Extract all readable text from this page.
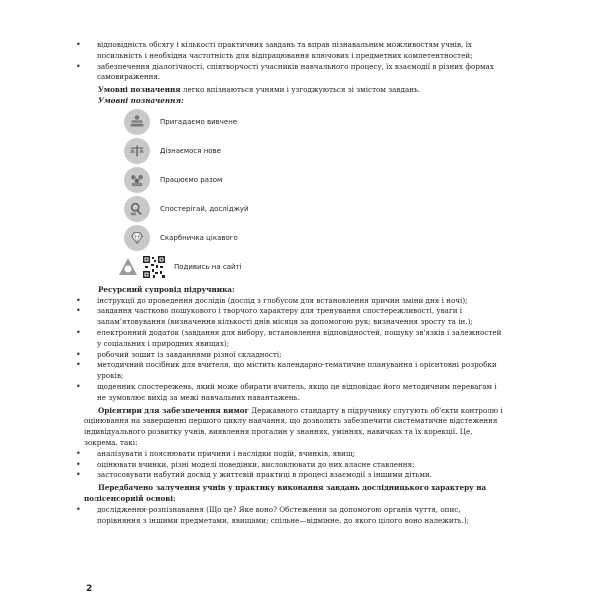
• відповідність обсягу і кількості практичних завдань та вправ пізнавальним можливостям учнів, їх посильність і необхідна частотність для відпрацювання ключових і предметних компетентностей;
• забезпечення діалогічності, співтворчості учасників навчального процесу, їх взаємодії в різних формах самовираження.
Умовні позначення легко впізнаються учнями і узгоджуються зі змістом завдань.
Умовні позначення:
Пригадаємо вивчене
Дізнаємося нове
Працюємо разом
Спостерігай, досліджуй
Скарбничка цікавого
Подивись на сайті
Ресурсний супровід підручника:
• інструкції до проведення дослідів (дослід з глобусом для встановлення причин зміни дня і ночі);
• завдання частково пошукового і творчого характеру для тренування спостережливості, уваги і запам'ятовування (визначення кількості днів місяця за допомогою рук; визначення зросту та ін.);
• електронний додаток (завдання для вибору, встановлення відповідностей, пошуку зв'язків і залежностей у соціальних і природних явищах);
• робочий зошит із завданнями різної складності;
• методичний посібник для вчителя, що містить календарно-тематичне планування і орієнтовні розробки уроків;
• щоденник спостережень, який може обирати вчитель, якщо це відповідає його методичним перевагам і не зумовлює вихід за межі навчальних навантажень.
Орієнтири для забезпечення вимог Державного стандарту в підручнику слугують об'єкти контролю і оцінювання на завершенні першого циклу навчання, що дозволить забезпечити систематичне відстеження індивідуального розвитку учнів, виявлення прогалин у знаннях, уміннях, навичках та їх корекції. Це, зокрема, такі:
• аналізувати і пояснювати причини і наслідки подій, вчинків, явищ;
• оцінювати вчинки, різні моделі поведінки, висловлювати до них власне ставлення;
• застосовувати набутий досвід у життєвій практиці в процесі взаємодії з іншими дітьми.
Передбачено залучення учнів у практику виконання завдань дослідницького характеру на полісенсорній основі:
• дослідження-розпізнавання (Що це? Яке воно? Обстеження за допомогою органів чуття, опис, порівняння з іншими предметами, явищами; спільне—відмінне, до якого цілого воно належить.);
2
